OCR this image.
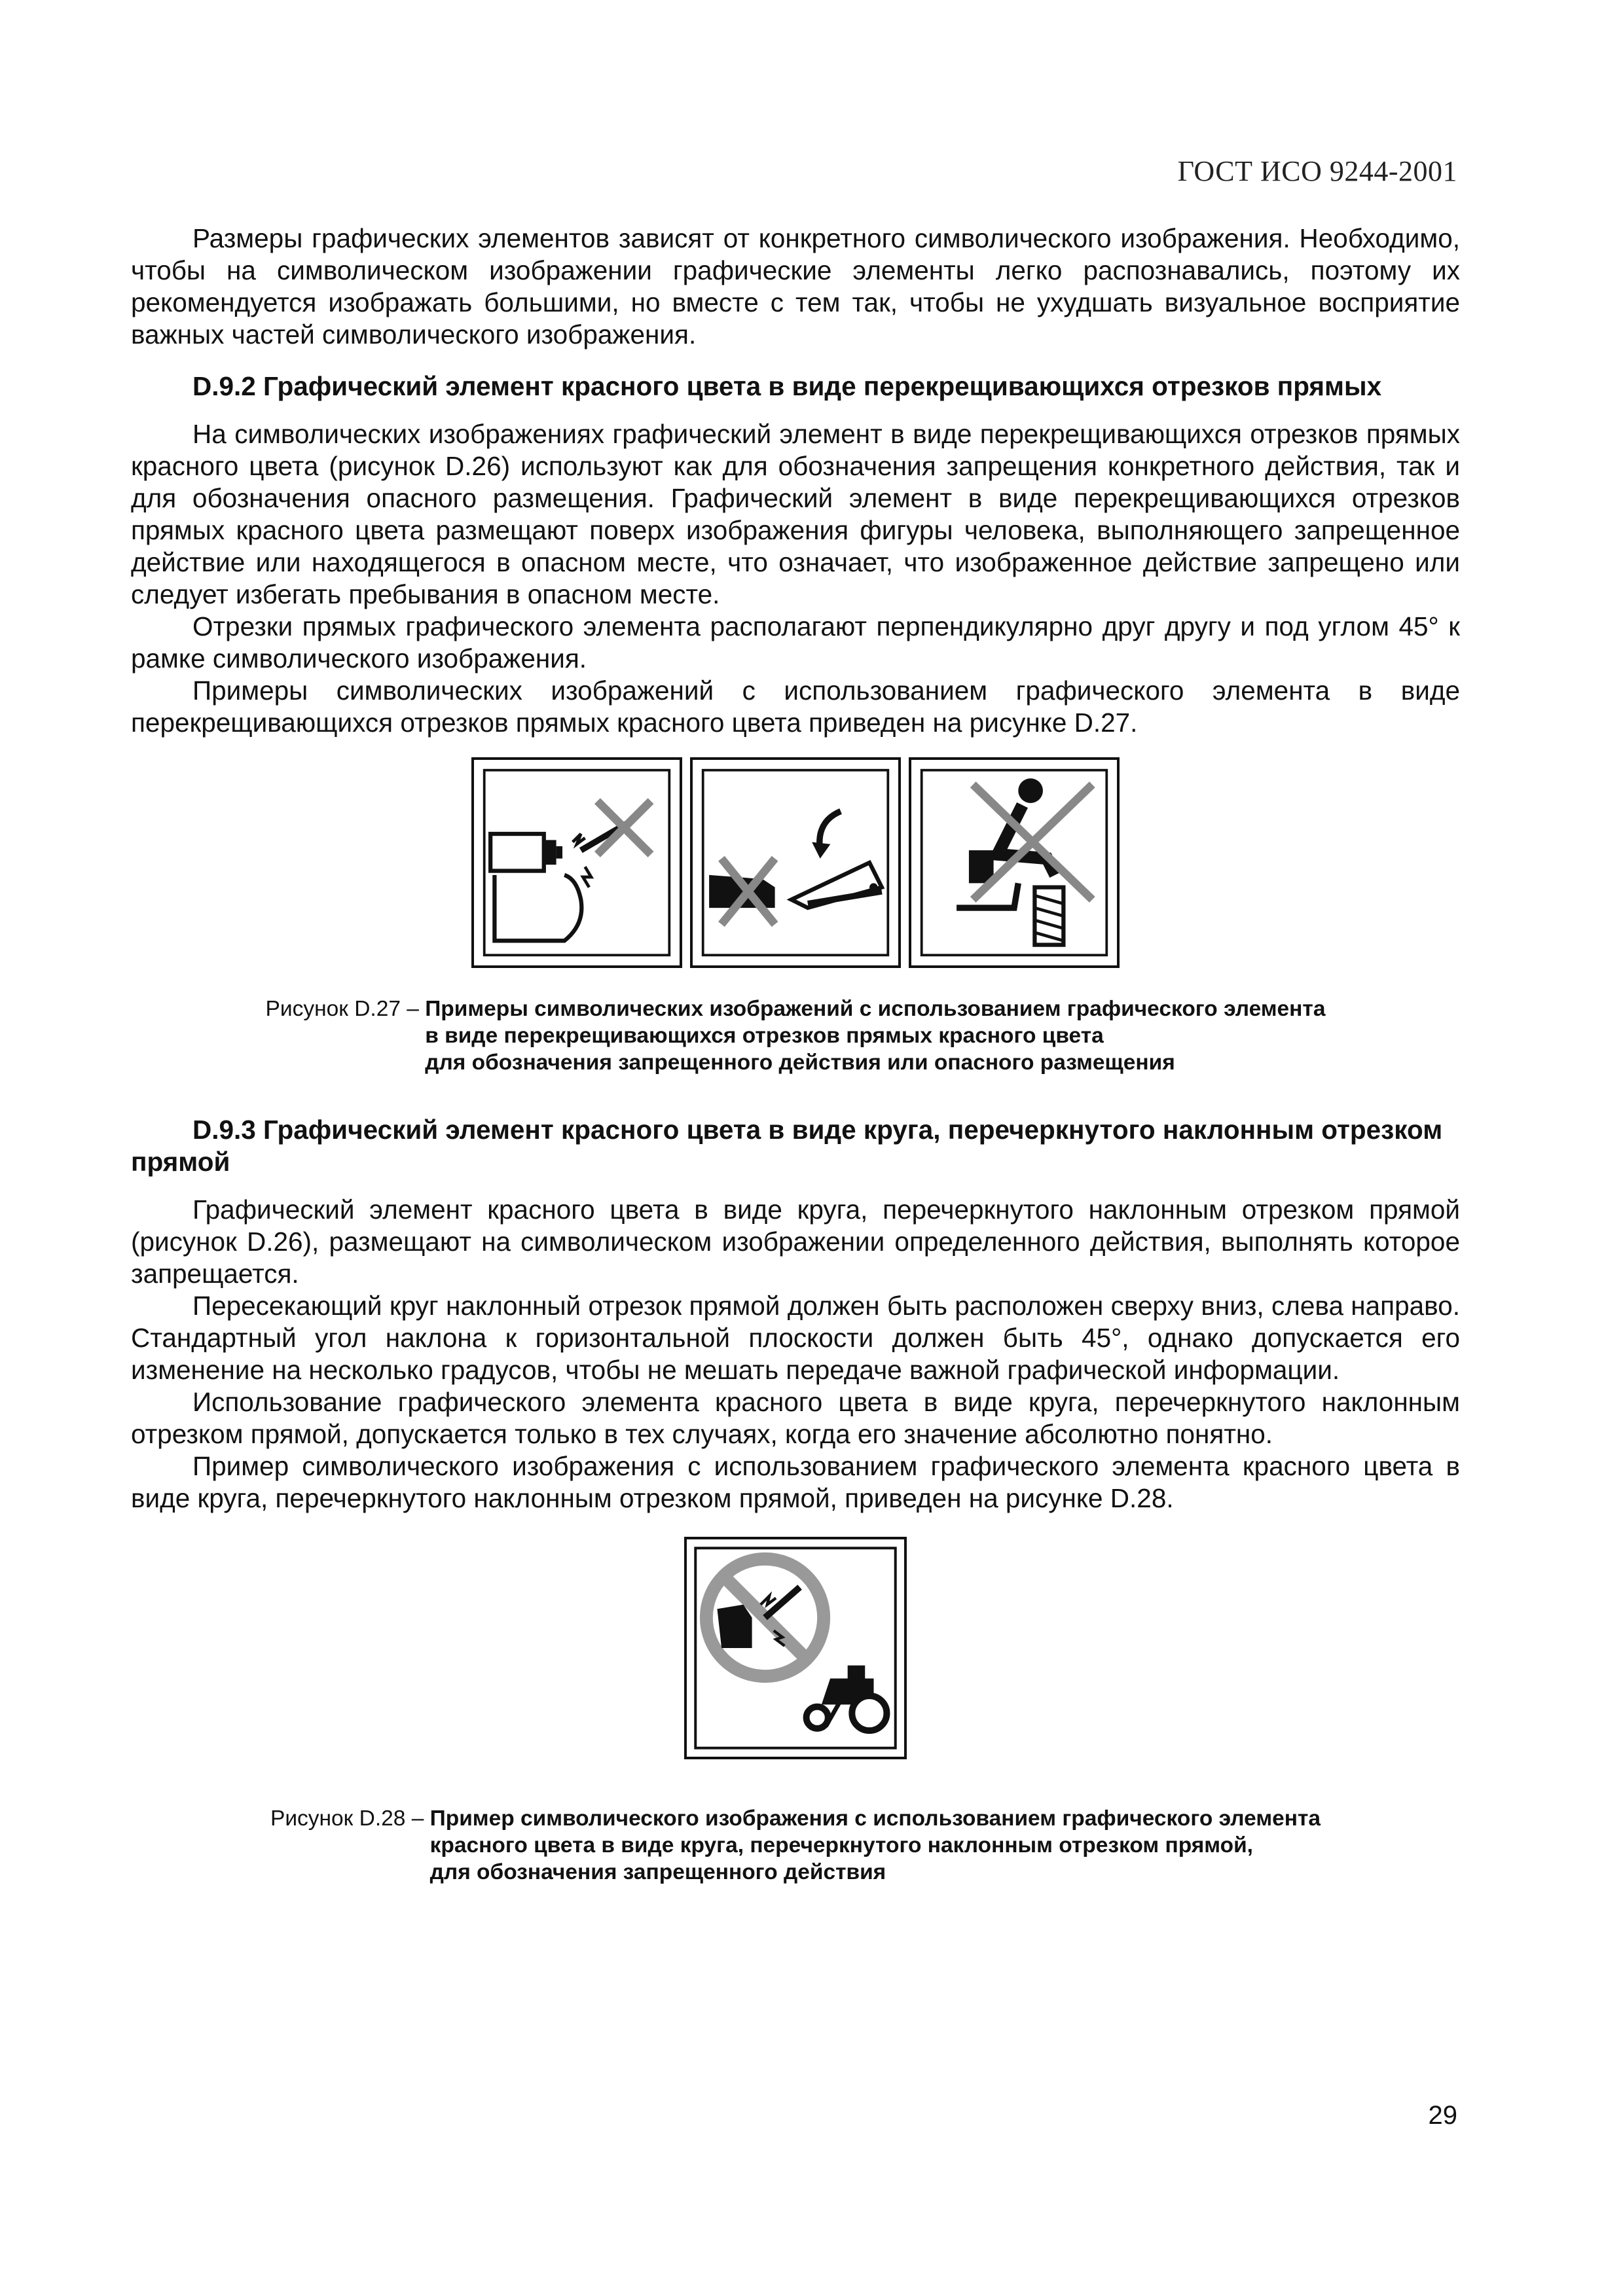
ГОСТ ИСО 9244-2001

Размеры графических элементов зависят от конкретного символического изображения. Необходимо, чтобы на символическом изображении графические элементы легко распознавались, поэтому их рекомендуется изображать большими, но вместе с тем так, чтобы не ухудшать визуальное восприятие важных частей символического изображения.

D.9.2 Графический элемент красного цвета в виде перекрещивающихся отрезков прямых

На символических изображениях графический элемент в виде перекрещивающихся отрезков прямых красного цвета (рисунок D.26) используют как для обозначения запрещения конкретного действия, так и для обозначения опасного размещения. Графический элемент в виде перекрещивающихся отрезков прямых красного цвета размещают поверх изображения фигуры человека, выполняющего запрещенное действие или находящегося в опасном месте, что означает, что изображенное действие запрещено или следует избегать пребывания в опасном месте.

Отрезки прямых графического элемента располагают перпендикулярно друг другу и под углом 45° к рамке символического изображения.

Примеры символических изображений с использованием графического элемента в виде перекрещивающихся отрезков прямых красного цвета приведен на рисунке D.27.

Рисунок D.27 – Примеры символических изображений с использованием графического элемента
в виде перекрещивающихся отрезков прямых красного цвета
для обозначения запрещенного действия или опасного размещения
D.9.3 Графический элемент красного цвета в виде круга, перечеркнутого наклонным отрезком прямой

Графический элемент красного цвета в виде круга, перечеркнутого наклонным отрезком прямой (рисунок D.26), размещают на символическом изображении определенного действия, выполнять которое запрещается.

Пересекающий круг наклонный отрезок прямой должен быть расположен сверху вниз, слева направо. Стандартный угол наклона к горизонтальной плоскости должен быть 45°, однако допускается его изменение на несколько градусов, чтобы не мешать передаче важной графической информации.

Использование графического элемента красного цвета в виде круга, перечеркнутого наклонным отрезком прямой, допускается только в тех случаях, когда его значение абсолютно понятно.

Пример символического изображения с использованием графического элемента красного цвета в виде круга, перечеркнутого наклонным отрезком прямой, приведен на рисунке D.28.

Рисунок D.28 – Пример символического изображения с использованием графического элемента
красного цвета в виде круга, перечеркнутого наклонным отрезком прямой,
для обозначения запрещенного действия
29
